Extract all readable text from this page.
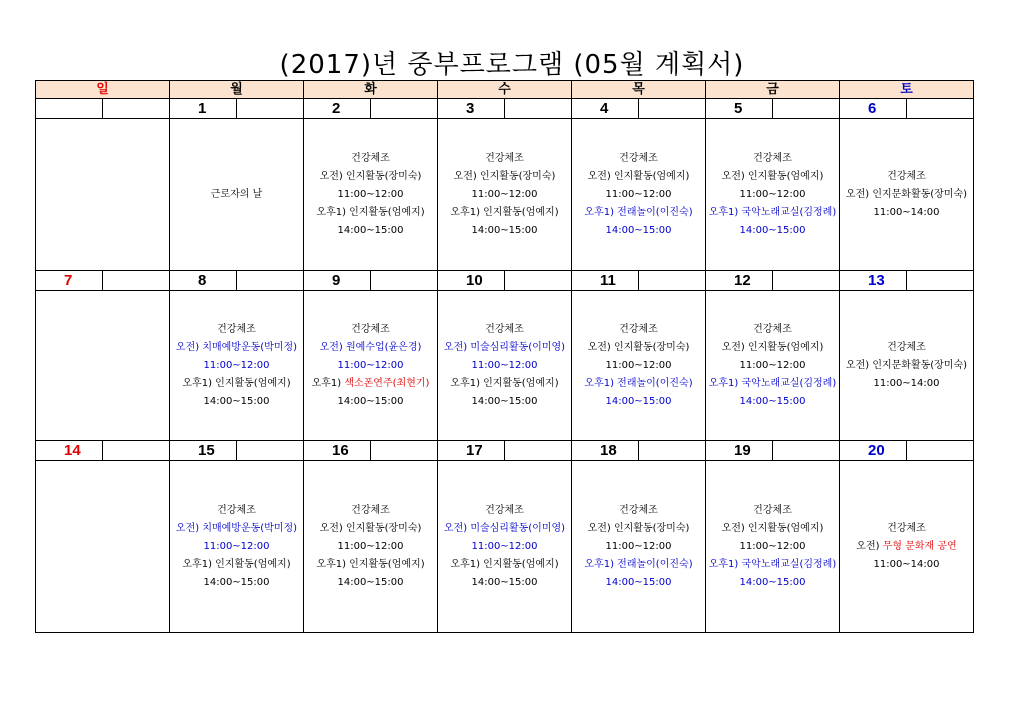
(2017)년 중부프로그램 (05월 계획서)
일		월		화		수		목		금		토	
		1		2		3		4		5		6	

		근로자의 날		건강체조
오전) 인지활동(장미숙)
11:00~12:00
오후1) 인지활동(엄예지)
14:00~15:00		건강체조
오전) 인지활동(장미숙)
11:00~12:00
오후1) 인지활동(엄예지)
14:00~15:00		건강체조
오전) 인지활동(엄예지)
11:00~12:00
오후1) 전래놀이(이진숙)
14:00~15:00		건강체조
오전) 인지활동(엄예지)
11:00~12:00
오후1) 국악노래교실(김정례)
14:00~15:00		건강체조
오전) 인지문화활동(장미숙)
11:00~14:00	

7		8		9		10		11		12		13	

		건강체조
오전) 치매예방운동(박미정)
11:00~12:00
오후1) 인지활동(엄예지)
14:00~15:00		건강체조
오전) 원예수업(윤은경)
11:00~12:00
오후1) 색소폰연주(최현기)
14:00~15:00		건강체조
오전) 미술심리활동(이미영)
11:00~12:00
오후1) 인지활동(엄예지)
14:00~15:00		건강체조
오전) 인지활동(장미숙)
11:00~12:00
오후1) 전래놀이(이진숙)
14:00~15:00		건강체조
오전) 인지활동(엄예지)
11:00~12:00
오후1) 국악노래교실(김정례)
14:00~15:00		건강체조
오전) 인지문화활동(장미숙)
11:00~14:00	

14		15		16		17		18		19		20	

		건강체조
오전) 치매예방운동(박미정)
11:00~12:00
오후1) 인지활동(엄예지)
14:00~15:00		건강체조
오전) 인지활동(장미숙)
11:00~12:00
오후1) 인지활동(엄예지)
14:00~15:00		건강체조
오전) 미술심리활동(이미영)
11:00~12:00
오후1) 인지활동(엄예지)
14:00~15:00		건강체조
오전) 인지활동(장미숙)
11:00~12:00
오후1) 전래놀이(이진숙)
14:00~15:00		건강체조
오전) 인지활동(엄예지)
11:00~12:00
오후1) 국악노래교실(김정례)
14:00~15:00		건강체조
오전) 무형 문화재 공연
11:00~14:00	
